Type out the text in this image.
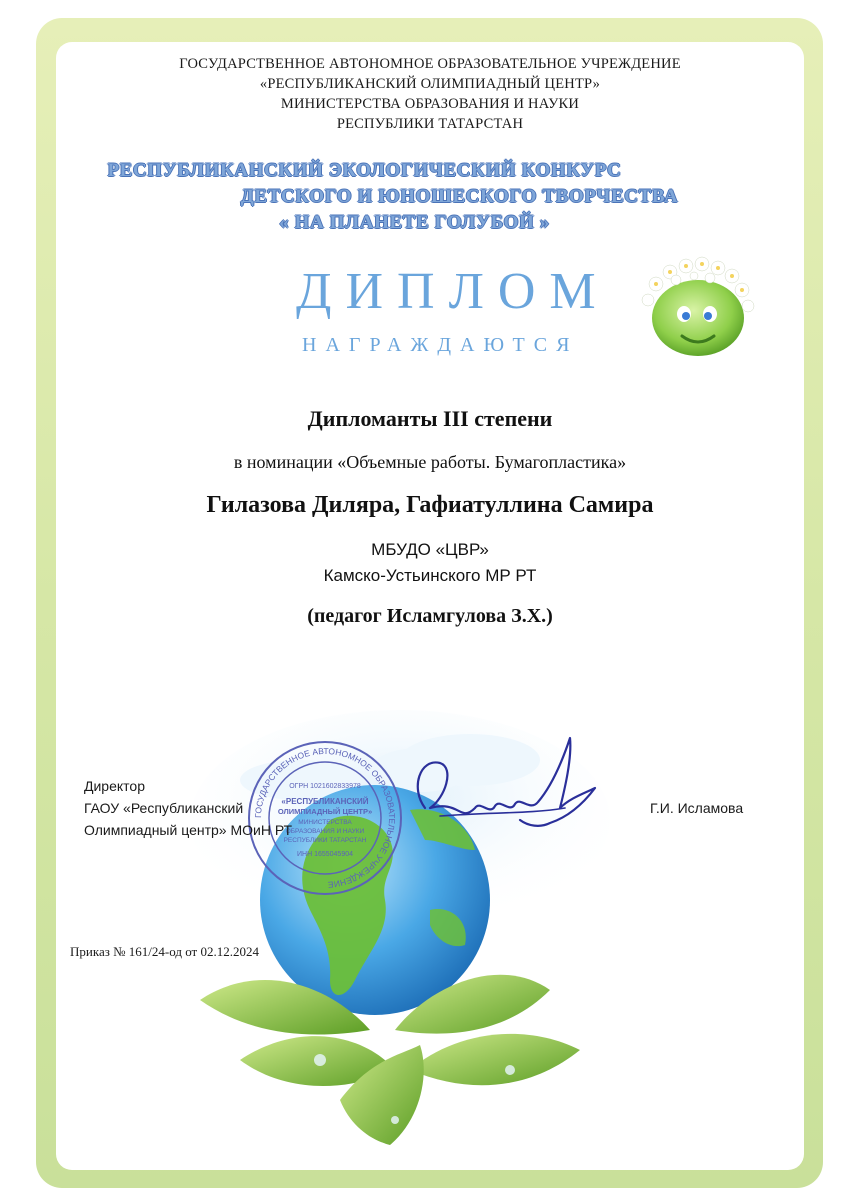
ГОСУДАРСТВЕННОЕ АВТОНОМНОЕ ОБРАЗОВАТЕЛЬНОЕ УЧРЕЖДЕНИЕ
«РЕСПУБЛИКАНСКИЙ ОЛИМПИАДНЫЙ ЦЕНТР»
МИНИСТЕРСТВА ОБРАЗОВАНИЯ И НАУКИ
РЕСПУБЛИКИ ТАТАРСТАН
РЕСПУБЛИКАНСКИЙ ЭКОЛОГИЧЕСКИЙ КОНКУРС
ДЕТСКОГО И ЮНОШЕСКОГО ТВОРЧЕСТВА
« НА ПЛАНЕТЕ ГОЛУБОЙ »
ДИПЛОМ
НАГРАЖДАЮТСЯ
Дипломанты III степени
в номинации «Объемные работы. Бумагопластика»
Гилазова Диляра, Гафиатуллина Самира
МБУДО «ЦВР»
Камско-Устьинского МР РТ
(педагог Исламгулова З.Х.)
ГОСУДАРСТВЕННОЕ АВТОНОМНОЕ ОБРАЗОВАТЕЛЬНОЕ УЧРЕЖДЕНИЕ
ОГРН 1021602833978
«РЕСПУБЛИКАНСКИЙ
ОЛИМПИАДНЫЙ ЦЕНТР»
МИНИСТЕРСТВА
ОБРАЗОВАНИЯ И НАУКИ
РЕСПУБЛИКИ ТАТАРСТАН
ИНН 1655045904
Директор
ГАОУ «Республиканский
Олимпиадный центр» МОиН РТ
Г.И. Исламова
Приказ № 161/24-од от 02.12.2024
